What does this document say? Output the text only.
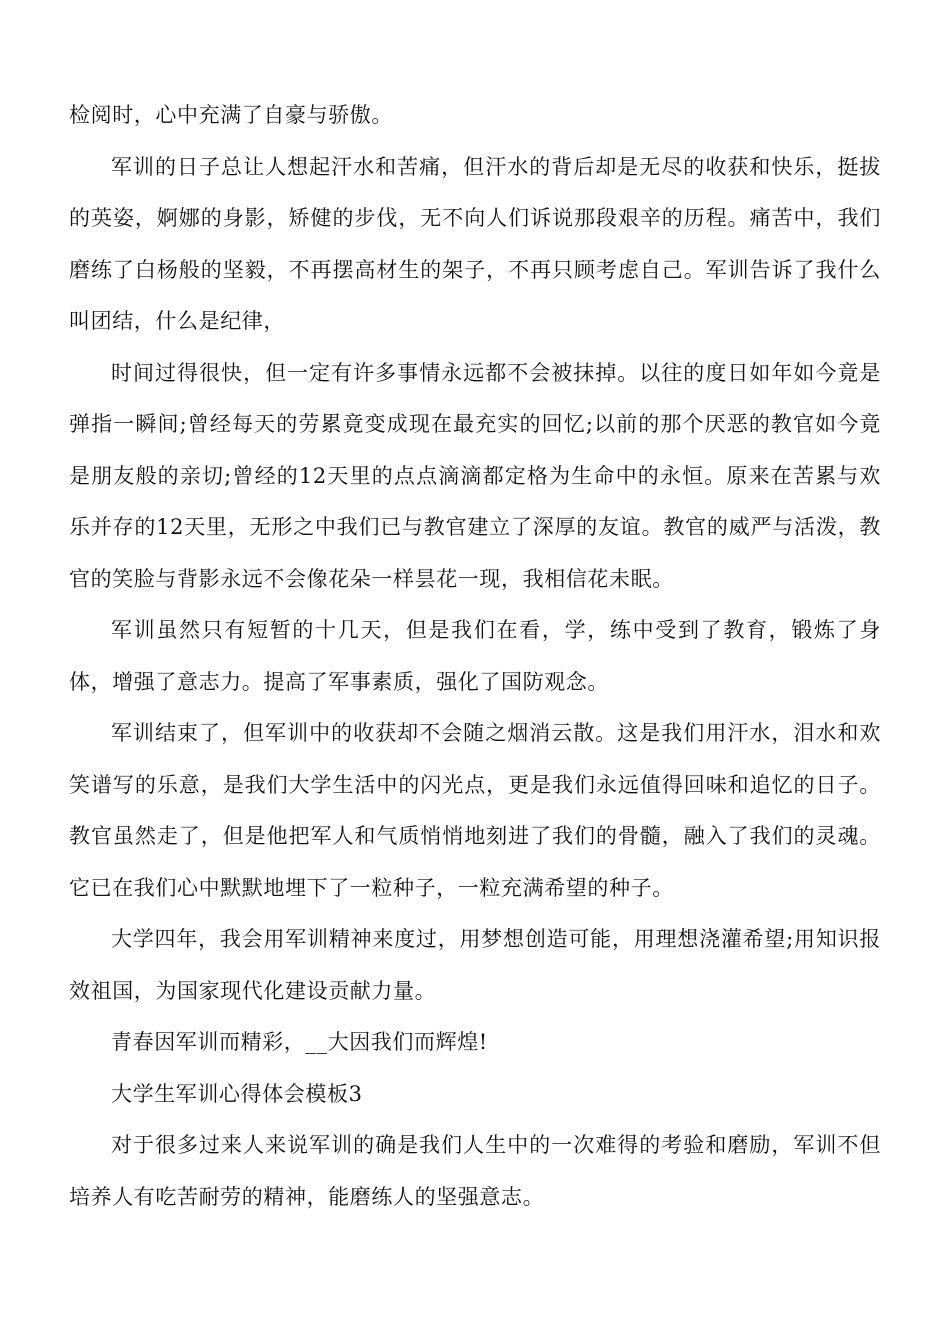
检阅时，心中充满了自豪与骄傲。

军训的日子总让人想起汗水和苦痛，但汗水的背后却是无尽的收获和快乐，挺拔的英姿，婀娜的身影，矫健的步伐，无不向人们诉说那段艰辛的历程。痛苦中，我们磨练了白杨般的坚毅，不再摆高材生的架子，不再只顾考虑自己。军训告诉了我什么叫团结，什么是纪律，

时间过得很快，但一定有许多事情永远都不会被抹掉。以往的度日如年如今竟是弹指一瞬间;曾经每天的劳累竟变成现在最充实的回忆;以前的那个厌恶的教官如今竟是朋友般的亲切;曾经的12天里的点点滴滴都定格为生命中的永恒。原来在苦累与欢乐并存的12天里，无形之中我们已与教官建立了深厚的友谊。教官的威严与活泼，教官的笑脸与背影永远不会像花朵一样昙花一现，我相信花未眠。

军训虽然只有短暂的十几天，但是我们在看，学，练中受到了教育，锻炼了身体，增强了意志力。提高了军事素质，强化了国防观念。

军训结束了，但军训中的收获却不会随之烟消云散。这是我们用汗水，泪水和欢笑谱写的乐意，是我们大学生活中的闪光点，更是我们永远值得回味和追忆的日子。教官虽然走了，但是他把军人和气质悄悄地刻进了我们的骨髓，融入了我们的灵魂。它已在我们心中默默地埋下了一粒种子，一粒充满希望的种子。

大学四年，我会用军训精神来度过，用梦想创造可能，用理想浇灌希望;用知识报效祖国，为国家现代化建设贡献力量。

青春因军训而精彩，__大因我们而辉煌!

大学生军训心得体会模板3

对于很多过来人来说军训的确是我们人生中的一次难得的考验和磨励，军训不但培养人有吃苦耐劳的精神，能磨练人的坚强意志。
